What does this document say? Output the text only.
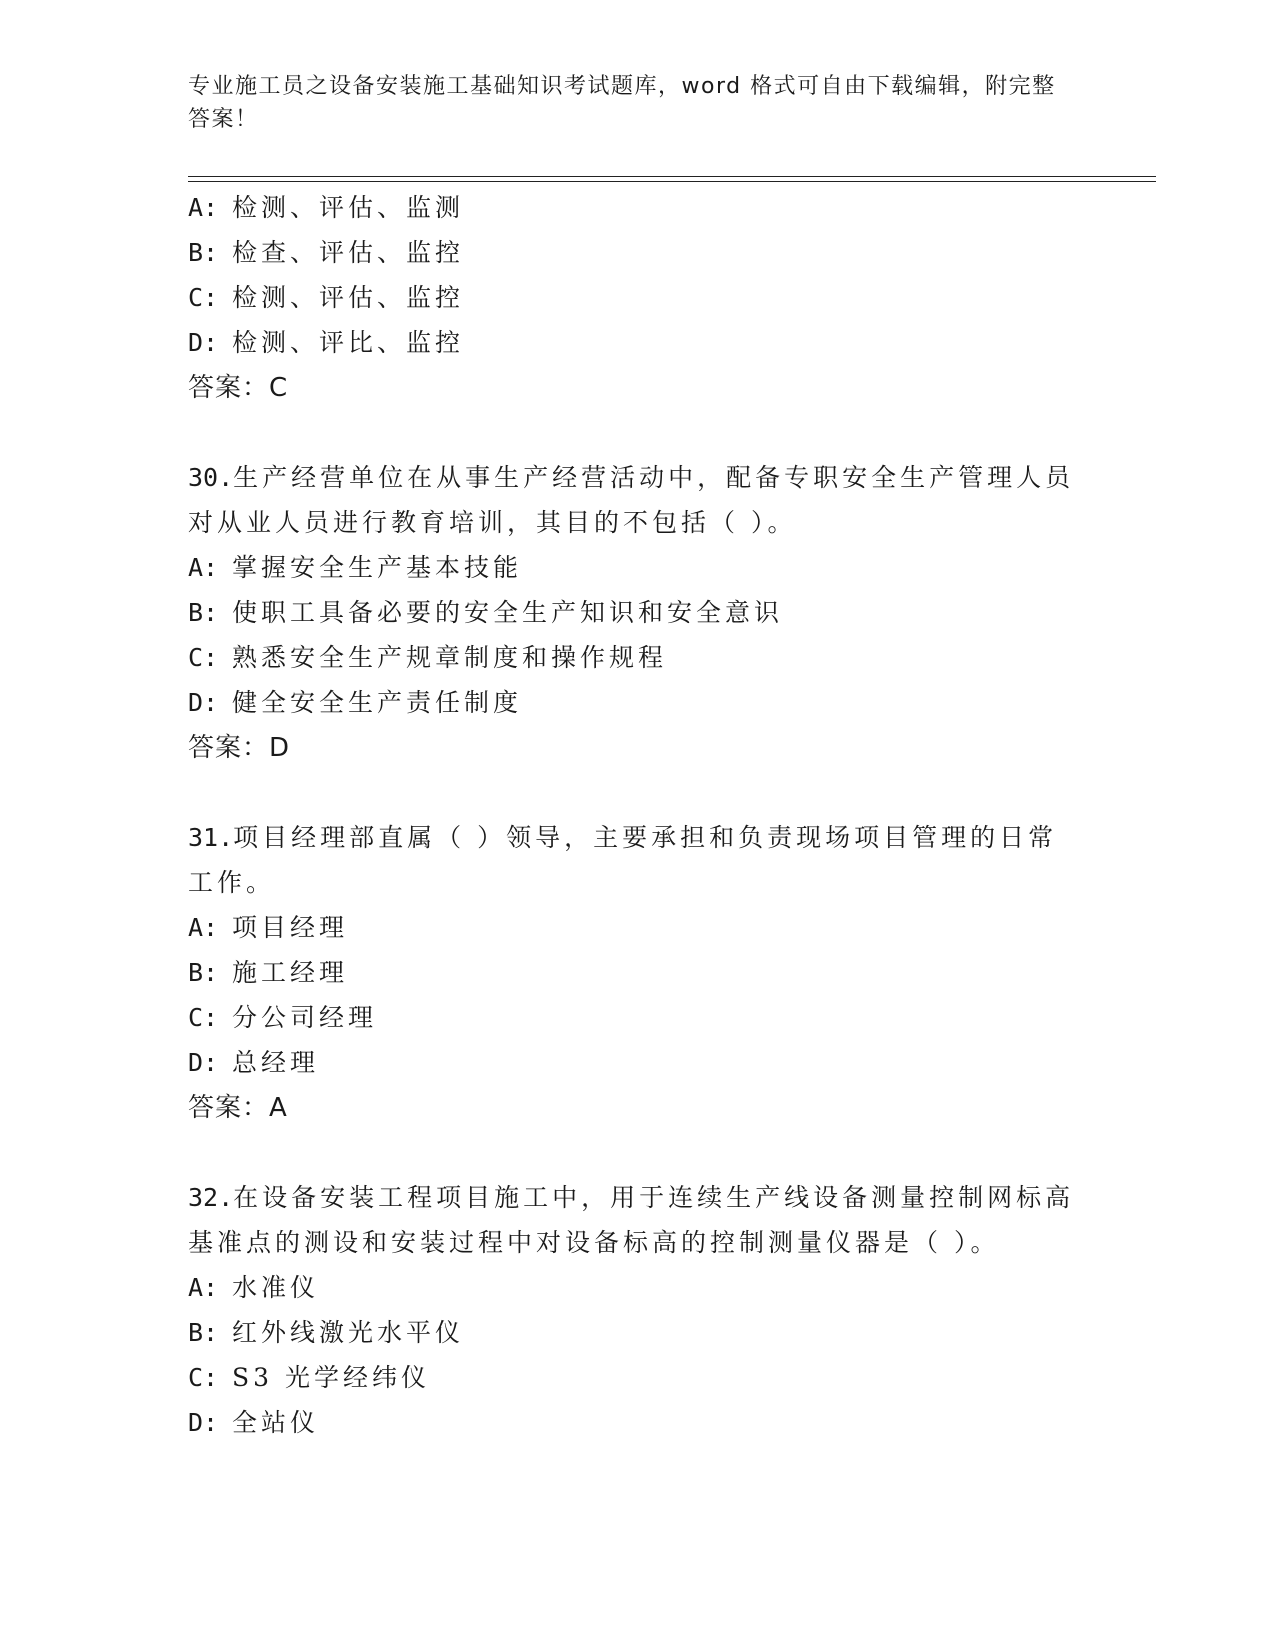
专业施工员之设备安装施工基础知识考试题库，word 格式可自由下载编辑，附完整答案！
A: 检测、评估、监测
B: 检查、评估、监控
C: 检测、评估、监控
D: 检测、评比、监控
答案：C
30.生产经营单位在从事生产经营活动中，配备专职安全生产管理人员
对从业人员进行教育培训，其目的不包括（ ）。
A: 掌握安全生产基本技能
B: 使职工具备必要的安全生产知识和安全意识
C: 熟悉安全生产规章制度和操作规程
D: 健全安全生产责任制度
答案：D
31.项目经理部直属（ ）领导，主要承担和负责现场项目管理的日常
工作。
A: 项目经理
B: 施工经理
C: 分公司经理
D: 总经理
答案：A
32.在设备安装工程项目施工中，用于连续生产线设备测量控制网标高
基准点的测设和安装过程中对设备标高的控制测量仪器是（ ）。
A: 水准仪
B: 红外线激光水平仪
C: S3 光学经纬仪
D: 全站仪
